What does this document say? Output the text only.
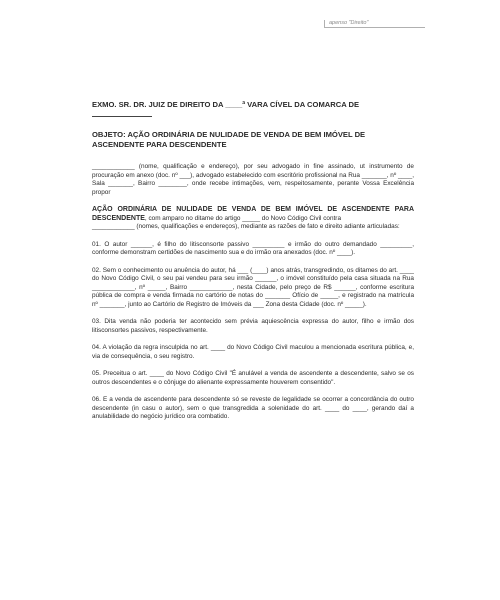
apenso "Direito"
EXMO. SR. DR. JUIZ DE DIREITO DA ____ª VARA CÍVEL DA COMARCA DE
OBJETO: AÇÃO ORDINÁRIA DE NULIDADE DE VENDA DE BEM IMÓVEL DE ASCENDENTE PARA DESCENDENTE

____________ (nome, qualificação e endereço), por seu advogado in fine assinado, ut instrumento de procuração em anexo (doc. nº ___), advogado estabelecido com escritório profissional na Rua _______, nº ____, Sala _______, Bairro ________, onde recebe intimações, vem, respeitosamente, perante Vossa Excelência propor

AÇÃO ORDINÁRIA DE NULIDADE DE VENDA DE BEM IMÓVEL DE ASCENDENTE PARA DESCENDENTE, com amparo no ditame do artigo _____ do Novo Código Civil contra
____________ (nomes, qualificações e endereços), mediante as razões de fato e direito adiante articuladas:

01. O autor ______, é filho do litisconsorte passivo _________ e irmão do outro demandado _________, conforme demonstram certidões de nascimento sua e do irmão ora anexados (doc. nº ____).

02. Sem o conhecimento ou anuência do autor, há ___ (____) anos atrás, transgredindo, os ditames do art. ____ do Novo Código Civil, o seu pai vendeu para seu irmão ______, o imóvel constituído pela casa situada na Rua ____________, nº _____, Bairro ____________, nesta Cidade, pelo preço de R$ ______, conforme escritura pública de compra e venda firmada no cartório de notas do _______ Ofício de _____, e registrado na matrícula nº _______, junto ao Cartório de Registro de Imóveis da ___ Zona desta Cidade (doc. nº _____).

03. Dita venda não poderia ter acontecido sem prévia aquiescência expressa do autor, filho e irmão dos litisconsortes passivos, respectivamente.

04. A violação da regra insculpida no art. ____ do Novo Código Civil maculou a mencionada escritura pública, e, via de consequência, o seu registro.

05. Preceitua o art. ____ do Novo Código Civil "É anulável a venda de ascendente a descendente, salvo se os outros descendentes e o cônjuge do alienante expressamente houverem consentido".

06. E a venda de ascendente para descendente só se reveste de legalidade se ocorrer a concordância do outro descendente (in casu o autor), sem o que transgredida a solenidade do art. ____ do ____, gerando daí a anulabilidade do negócio jurídico ora combatido.
